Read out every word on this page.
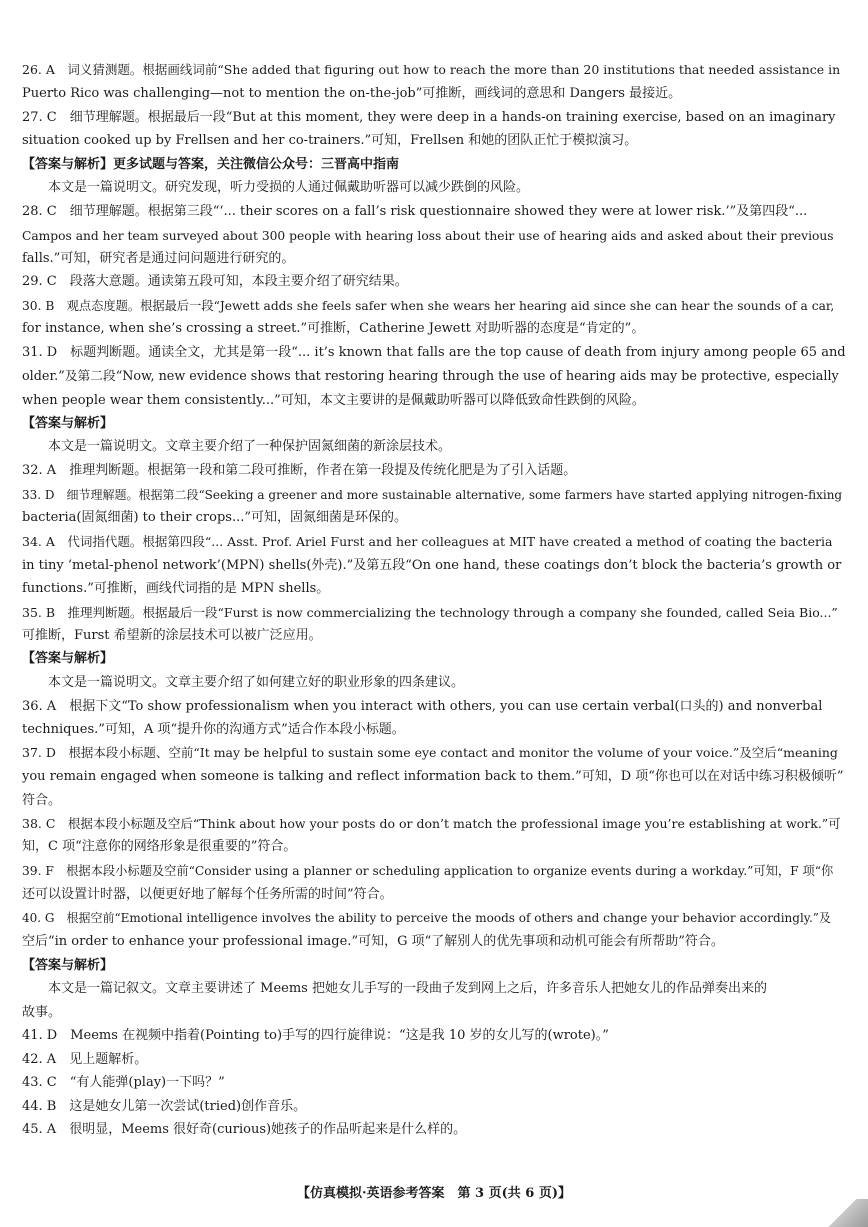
26. A　词义猜测题。根据画线词前“She added that figuring out how to reach the more than 20 institutions that needed assistance in
Puerto Rico was challenging—not to mention the on-the-job”可推断，画线词的意思和 Dangers 最接近。
27. C　细节理解题。根据最后一段“But at this moment, they were deep in a hands-on training exercise, based on an imaginary
situation cooked up by Frellsen and her co-trainers.”可知，Frellsen 和她的团队正忙于模拟演习。
【答案与解析】更多试题与答案，关注微信公众号：三晋高中指南
　　本文是一篇说明文。研究发现，听力受损的人通过佩戴助听器可以减少跌倒的风险。
28. C　细节理解题。根据第三段“‘... their scores on a fall’s risk questionnaire showed they were at lower risk.’”及第四段“...
Campos and her team surveyed about 300 people with hearing loss about their use of hearing aids and asked about their previous
falls.”可知，研究者是通过问问题进行研究的。
29. C　段落大意题。通读第五段可知，本段主要介绍了研究结果。
30. B　观点态度题。根据最后一段“Jewett adds she feels safer when she wears her hearing aid since she can hear the sounds of a car,
for instance, when she’s crossing a street.”可推断，Catherine Jewett 对助听器的态度是“肯定的”。
31. D　标题判断题。通读全文，尤其是第一段“... it’s known that falls are the top cause of death from injury among people 65 and
older.”及第二段“Now, new evidence shows that restoring hearing through the use of hearing aids may be protective, especially
when people wear them consistently...”可知，本文主要讲的是佩戴助听器可以降低致命性跌倒的风险。
【答案与解析】
　　本文是一篇说明文。文章主要介绍了一种保护固氮细菌的新涂层技术。
32. A　推理判断题。根据第一段和第二段可推断，作者在第一段提及传统化肥是为了引入话题。
33. D　细节理解题。根据第二段“Seeking a greener and more sustainable alternative, some farmers have started applying nitrogen-fixing
bacteria(固氮细菌) to their crops...”可知，固氮细菌是环保的。
34. A　代词指代题。根据第四段“... Asst. Prof. Ariel Furst and her colleagues at MIT have created a method of coating the bacteria
in tiny ‘metal-phenol network’(MPN) shells(外壳).”及第五段“On one hand, these coatings don’t block the bacteria’s growth or
functions.”可推断，画线代词指的是 MPN shells。
35. B　推理判断题。根据最后一段“Furst is now commercializing the technology through a company she founded, called Seia Bio...”
可推断，Furst 希望新的涂层技术可以被广泛应用。
【答案与解析】
　　本文是一篇说明文。文章主要介绍了如何建立好的职业形象的四条建议。
36. A　根据下文“To show professionalism when you interact with others, you can use certain verbal(口头的) and nonverbal
techniques.”可知，A 项“提升你的沟通方式”适合作本段小标题。
37. D　根据本段小标题、空前“It may be helpful to sustain some eye contact and monitor the volume of your voice.”及空后“meaning
you remain engaged when someone is talking and reflect information back to them.”可知，D 项“你也可以在对话中练习积极倾听”
符合。
38. C　根据本段小标题及空后“Think about how your posts do or don’t match the professional image you’re establishing at work.”可
知，C 项“注意你的网络形象是很重要的”符合。
39. F　根据本段小标题及空前“Consider using a planner or scheduling application to organize events during a workday.”可知，F 项“你
还可以设置计时器，以便更好地了解每个任务所需的时间”符合。
40. G　根据空前“Emotional intelligence involves the ability to perceive the moods of others and change your behavior accordingly.”及
空后“in order to enhance your professional image.”可知，G 项“了解别人的优先事项和动机可能会有所帮助”符合。
【答案与解析】
　　本文是一篇记叙文。文章主要讲述了 Meems 把她女儿手写的一段曲子发到网上之后，许多音乐人把她女儿的作品弹奏出来的
故事。
41. D　Meems 在视频中指着(Pointing to)手写的四行旋律说：“这是我 10 岁的女儿写的(wrote)。”
42. A　见上题解析。
43. C　“有人能弹(play)一下吗？”
44. B　这是她女儿第一次尝试(tried)创作音乐。
45. A　很明显，Meems 很好奇(curious)她孩子的作品听起来是什么样的。
【仿真模拟·英语参考答案　第 3 页(共 6 页)】
